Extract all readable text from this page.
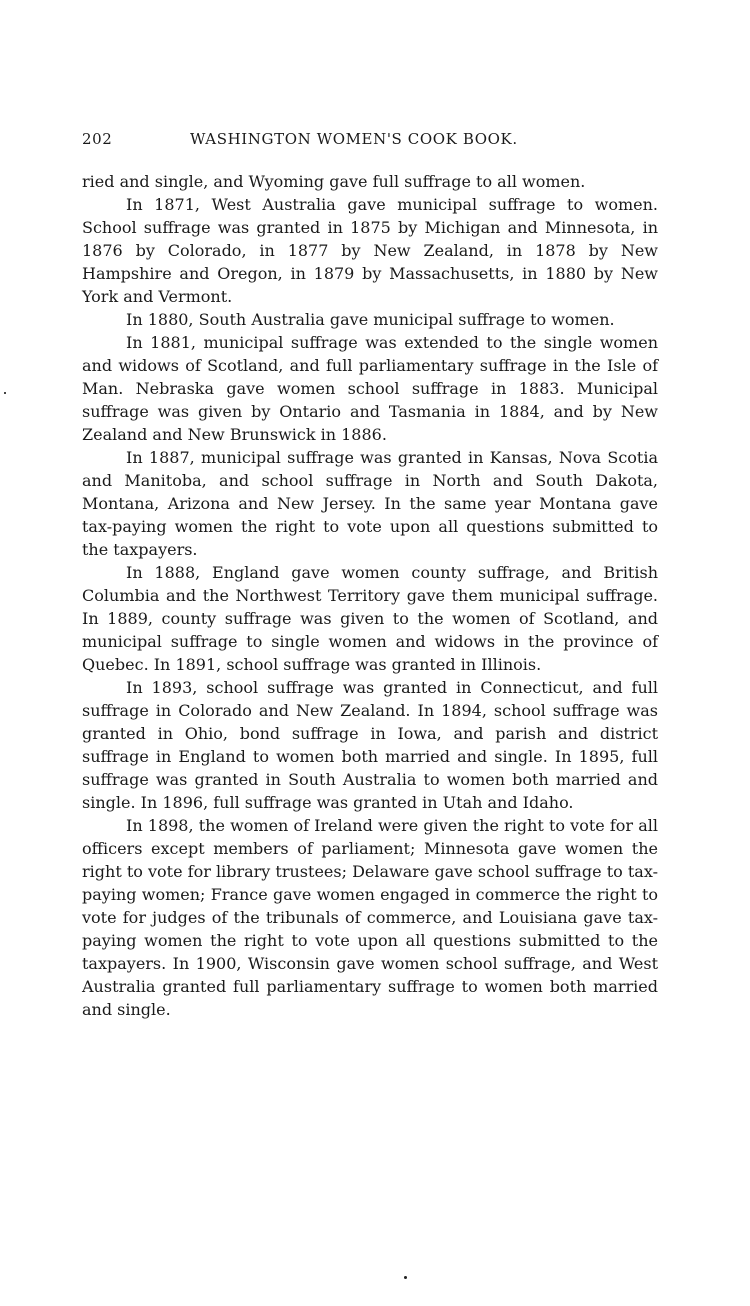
202	WASHINGTON WOMEN'S COOK BOOK.

ried and single, and Wyoming gave full suffrage to all women.

In 1871, West Australia gave municipal suffrage to women. School suffrage was granted in 1875 by Michigan and Minnesota, in 1876 by Colorado, in 1877 by New Zealand, in 1878 by New Hampshire and Oregon, in 1879 by Massachusetts, in 1880 by New York and Vermont.

In 1880, South Australia gave municipal suffrage to women.

In 1881, municipal suffrage was extended to the single women and widows of Scotland, and full parliamentary suffrage in the Isle of Man. Nebraska gave women school suffrage in 1883. Municipal suffrage was given by Ontario and Tasmania in 1884, and by New Zealand and New Brunswick in 1886.

In 1887, municipal suffrage was granted in Kansas, Nova Scotia and Manitoba, and school suffrage in North and South Dakota, Montana, Arizona and New Jersey. In the same year Montana gave tax-paying women the right to vote upon all questions submitted to the taxpayers.

In 1888, England gave women county suffrage, and British Columbia and the Northwest Territory gave them municipal suffrage. In 1889, county suffrage was given to the women of Scotland, and municipal suffrage to single women and widows in the province of Quebec. In 1891, school suffrage was granted in Illinois.

In 1893, school suffrage was granted in Connecticut, and full suffrage in Colorado and New Zealand. In 1894, school suffrage was granted in Ohio, bond suffrage in Iowa, and parish and district suffrage in England to women both married and single. In 1895, full suffrage was granted in South Australia to women both married and single. In 1896, full suffrage was granted in Utah and Idaho.

In 1898, the women of Ireland were given the right to vote for all officers except members of parliament; Minnesota gave women the right to vote for library trustees; Delaware gave school suffrage to tax-paying women; France gave women engaged in commerce the right to vote for judges of the tribunals of commerce, and Louisiana gave tax-paying women the right to vote upon all questions submitted to the taxpayers. In 1900, Wisconsin gave women school suffrage, and West Australia granted full parliamentary suffrage to women both married and single.
